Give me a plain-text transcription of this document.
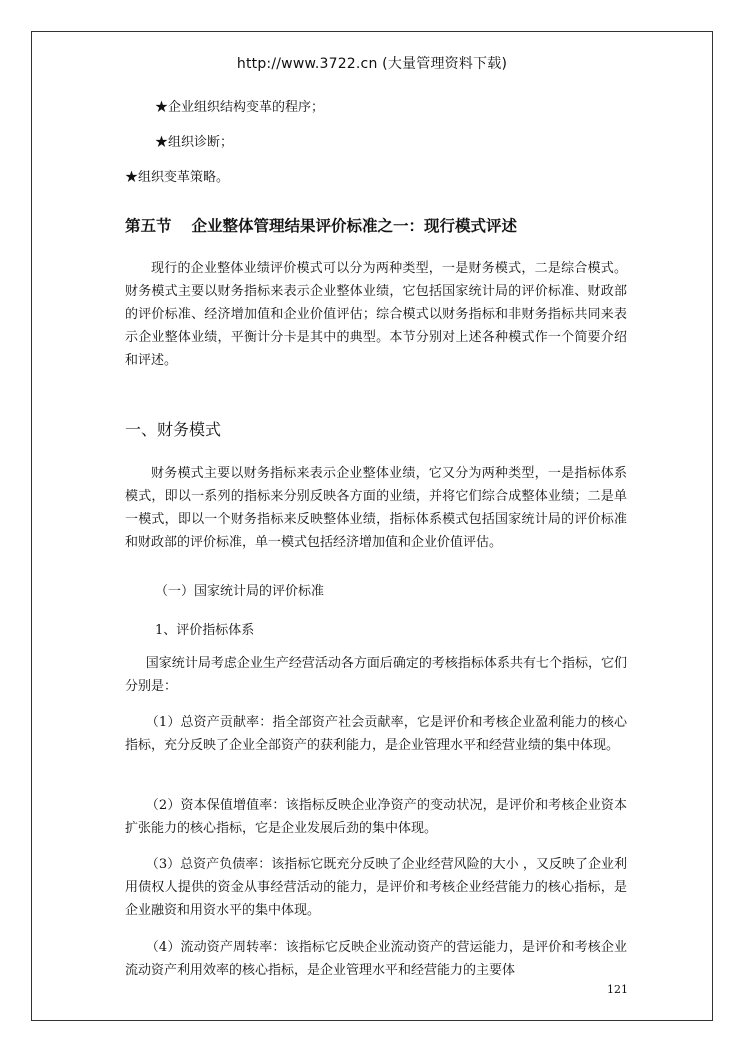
http://www.3722.cn (大量管理资料下载)
★企业组织结构变革的程序；
★组织诊断；
★组织变革策略。
第五节 企业整体管理结果评价标准之一：现行模式评述

现行的企业整体业绩评价模式可以分为两种类型，一是财务模式，二是综合模式。财务模式主要以财务指标来表示企业整体业绩，它包括国家统计局的评价标准、财政部的评价标准、经济增加值和企业价值评估；综合模式以财务指标和非财务指标共同来表示企业整体业绩，平衡计分卡是其中的典型。本节分别对上述各种模式作一个简要介绍和评述。

一、财务模式

财务模式主要以财务指标来表示企业整体业绩，它又分为两种类型，一是指标体系模式，即以一系列的指标来分别反映各方面的业绩，并将它们综合成整体业绩；二是单一模式，即以一个财务指标来反映整体业绩，指标体系模式包括国家统计局的评价标准和财政部的评价标准，单一模式包括经济增加值和企业价值评估。

（一）国家统计局的评价标准
1、评价指标体系

国家统计局考虑企业生产经营活动各方面后确定的考核指标体系共有七个指标，它们分别是：

（1）总资产贡献率：指全部资产社会贡献率，它是评价和考核企业盈利能力的核心指标，充分反映了企业全部资产的获利能力，是企业管理水平和经营业绩的集中体现。

（2）资本保值增值率：该指标反映企业净资产的变动状况，是评价和考核企业资本扩张能力的核心指标，它是企业发展后劲的集中体现。

（3）总资产负债率：该指标它既充分反映了企业经营风险的大小 ，又反映了企业利用债权人提供的资金从事经营活动的能力，是评价和考核企业经营能力的核心指标，是企业融资和用资水平的集中体现。

（4）流动资产周转率：该指标它反映企业流动资产的营运能力，是评价和考核企业流动资产利用效率的核心指标，是企业管理水平和经营能力的主要体

121
